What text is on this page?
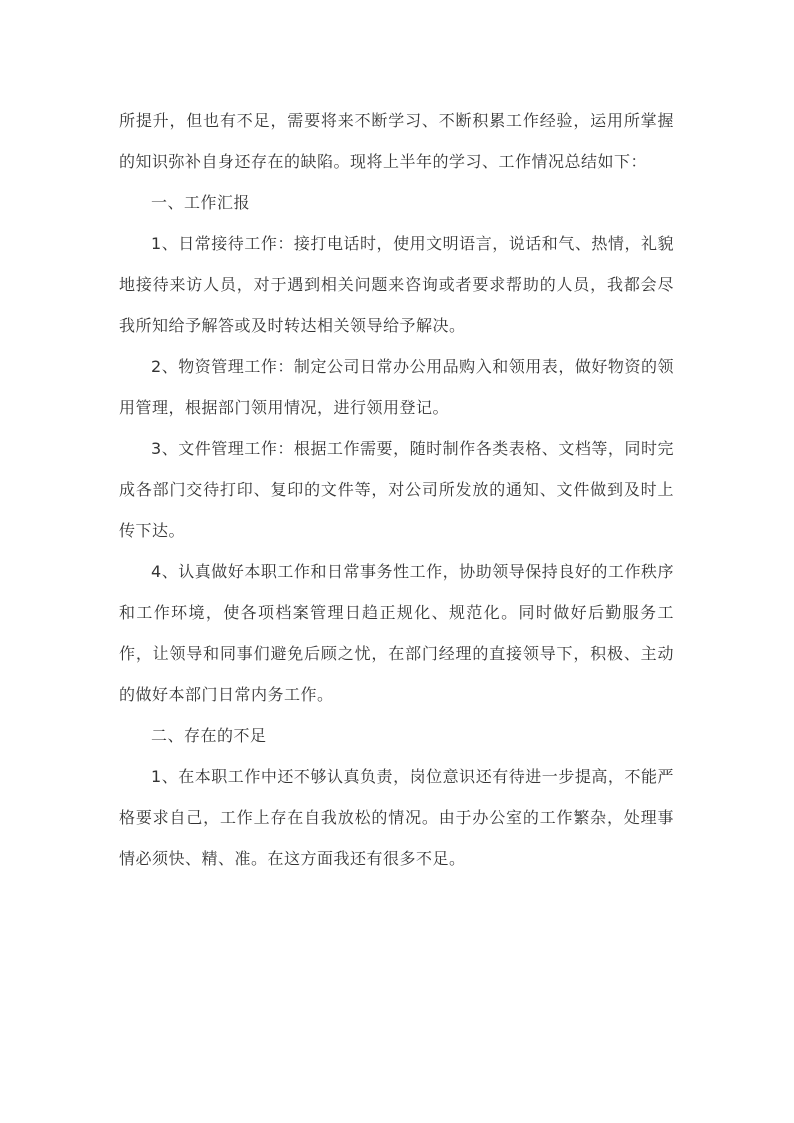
所提升，但也有不足，需要将来不断学习、不断积累工作经验，运用所掌握的知识弥补自身还存在的缺陷。现将上半年的学习、工作情况总结如下：

一、工作汇报

1、日常接待工作：接打电话时，使用文明语言，说话和气、热情，礼貌地接待来访人员，对于遇到相关问题来咨询或者要求帮助的人员，我都会尽我所知给予解答或及时转达相关领导给予解决。

2、物资管理工作：制定公司日常办公用品购入和领用表，做好物资的领用管理，根据部门领用情况，进行领用登记。

3、文件管理工作：根据工作需要，随时制作各类表格、文档等，同时完成各部门交待打印、复印的文件等，对公司所发放的通知、文件做到及时上传下达。

4、认真做好本职工作和日常事务性工作，协助领导保持良好的工作秩序和工作环境，使各项档案管理日趋正规化、规范化。同时做好后勤服务工作，让领导和同事们避免后顾之忧，在部门经理的直接领导下，积极、主动的做好本部门日常内务工作。

二、存在的不足

1、在本职工作中还不够认真负责，岗位意识还有待进一步提高，不能严格要求自己，工作上存在自我放松的情况。由于办公室的工作繁杂，处理事情必须快、精、准。在这方面我还有很多不足。
